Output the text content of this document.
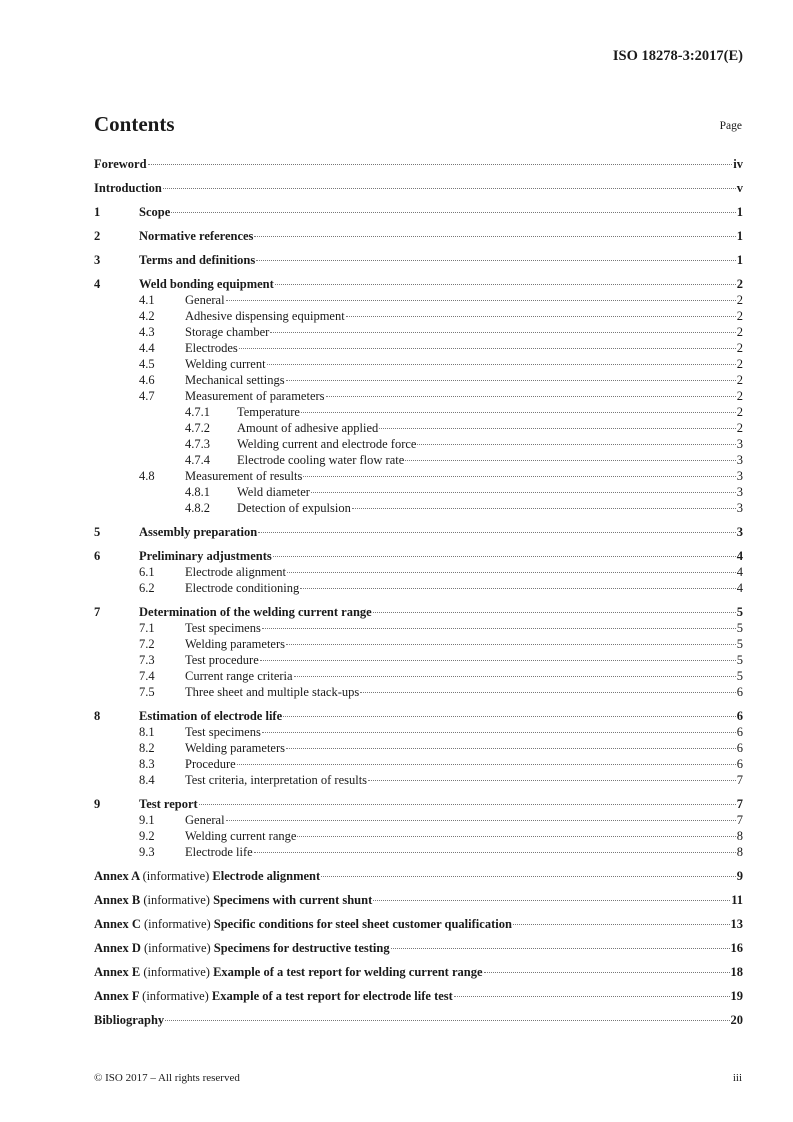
ISO 18278-3:2017(E)
Contents	Page
Foreword	iv
Introduction	v
1	Scope	1
2	Normative references	1
3	Terms and definitions	1
4	Weld bonding equipment	2
4.1	General	2
4.2	Adhesive dispensing equipment	2
4.3	Storage chamber	2
4.4	Electrodes	2
4.5	Welding current	2
4.6	Mechanical settings	2
4.7	Measurement of parameters	2
4.7.1	Temperature	2
4.7.2	Amount of adhesive applied	2
4.7.3	Welding current and electrode force	3
4.7.4	Electrode cooling water flow rate	3
4.8	Measurement of results	3
4.8.1	Weld diameter	3
4.8.2	Detection of expulsion	3
5	Assembly preparation	3
6	Preliminary adjustments	4
6.1	Electrode alignment	4
6.2	Electrode conditioning	4
7	Determination of the welding current range	5
7.1	Test specimens	5
7.2	Welding parameters	5
7.3	Test procedure	5
7.4	Current range criteria	5
7.5	Three sheet and multiple stack-ups	6
8	Estimation of electrode life	6
8.1	Test specimens	6
8.2	Welding parameters	6
8.3	Procedure	6
8.4	Test criteria, interpretation of results	7
9	Test report	7
9.1	General	7
9.2	Welding current range	8
9.3	Electrode life	8
Annex A (informative) Electrode alignment	9
Annex B (informative) Specimens with current shunt	11
Annex C (informative) Specific conditions for steel sheet customer qualification	13
Annex D (informative) Specimens for destructive testing	16
Annex E (informative) Example of a test report for welding current range	18
Annex F (informative) Example of a test report for electrode life test	19
Bibliography	20
© ISO 2017 – All rights reserved	iii
